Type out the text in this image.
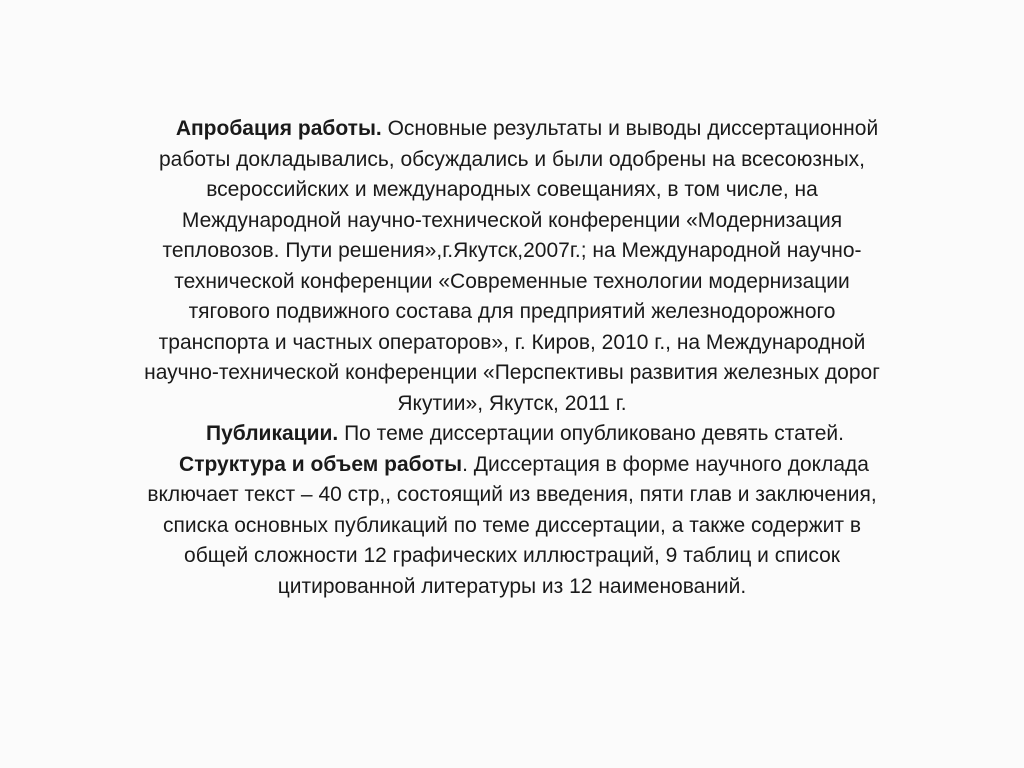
Апробация работы. Основные результаты и выводы диссертационной
работы докладывались, обсуждались и были одобрены на всесоюзных,
всероссийских и международных совещаниях, в том числе, на
Международной научно-технической конференции «Модернизация
тепловозов. Пути решения»,г.Якутск,2007г.; на Международной научно-
технической конференции «Современные технологии модернизации
тягового подвижного состава для предприятий железнодорожного
транспорта и частных операторов», г. Киров, 2010 г., на Международной
научно-технической конференции «Перспективы развития железных дорог
Якутии», Якутск, 2011 г.

Публикации. По теме диссертации опубликовано девять статей.

Структура и объем работы. Диссертация в форме научного доклада
включает текст – 40 стр,, состоящий из введения, пяти глав и заключения,
списка основных публикаций по теме диссертации, а также содержит в
общей сложности 12 графических иллюстраций, 9 таблиц и список
цитированной литературы из 12 наименований.
